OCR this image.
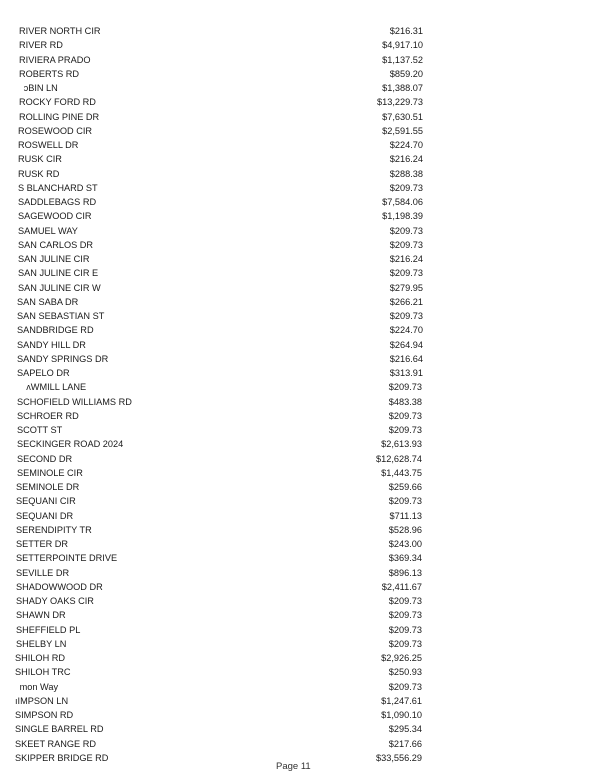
RIVER NORTH CIR	$216.31
RIVER RD	$4,917.10
RIVIERA PRADO	$1,137.52
ROBERTS RD	$859.20
 ɔBIN LN	$1,388.07
ROCKY FORD RD	$13,229.73
ROLLING PINE DR	$7,630.51
ROSEWOOD CIR	$2,591.55
ROSWELL DR	$224.70
RUSK CIR	$216.24
RUSK RD	$288.38
S BLANCHARD ST	$209.73
SADDLEBAGS RD	$7,584.06
SAGEWOOD CIR	$1,198.39
SAMUEL WAY	$209.73
SAN CARLOS DR	$209.73
SAN JULINE CIR	$216.24
SAN JULINE CIR E	$209.73
SAN JULINE CIR W	$279.95
SAN SABA DR	$266.21
SAN SEBASTIAN ST	$209.73
SANDBRIDGE RD	$224.70
SANDY HILL DR	$264.94
SANDY SPRINGS DR	$216.64
SAPELO DR	$313.91
 ʌWMILL LANE	$209.73
SCHOFIELD WILLIAMS RD	$483.38
SCHROER RD	$209.73
SCOTT ST	$209.73
SECKINGER ROAD 2024	$2,613.93
SECOND DR	$12,628.74
SEMINOLE CIR	$1,443.75
SEMINOLE DR	$259.66
SEQUANI CIR	$209.73
SEQUANI DR	$711.13
SERENDIPITY TR	$528.96
SETTER DR	$243.00
SETTERPOINTE DRIVE	$369.34
SEVILLE DR	$896.13
SHADOWWOOD DR	$2,411.67
SHADY OAKS CIR	$209.73
SHAWN DR	$209.73
SHEFFIELD PL	$209.73
SHELBY LN	$209.73
SHILOH RD	$2,926.25
SHILOH TRC	$250.93
 mon Way	$209.73
ıIMPSON LN	$1,247.61
SIMPSON RD	$1,090.10
SINGLE BARREL RD	$295.34
SKEET RANGE RD	$217.66
SKIPPER BRIDGE RD	$33,556.29
Page 11
